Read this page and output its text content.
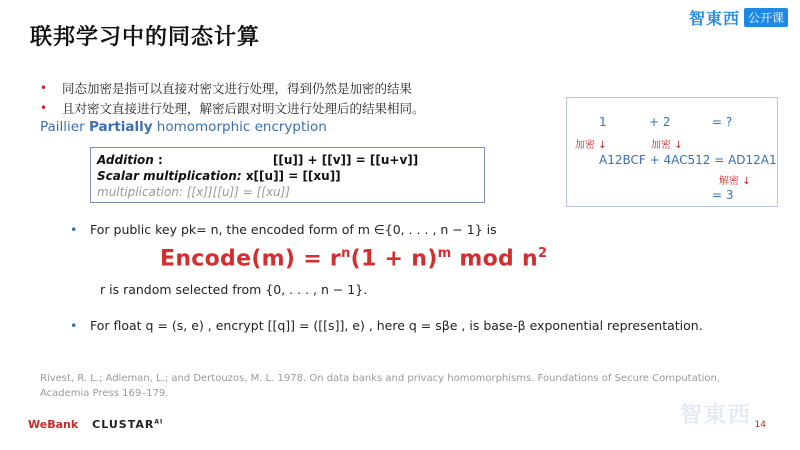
联邦学习中的同态计算
智東西 公开课
•	同态加密是指可以直接对密文进行处理，得到仍然是加密的结果
•	且对密文直接进行处理，解密后跟对明文进行处理后的结果相同。
Paillier Partially homomorphic encryption
Addition :	[[u]] + [[v]] = [[u+v]]
Scalar multiplication: x[[u]] = [[xu]]
multiplication: [[x]][[u]] = [[xu]]
1	+ 2	= ?
加密 ↓	加密 ↓
A12BCF + 4AC512 = AD12A1
解密 ↓
= 3
•	For public key pk= n, the encoded form of m ∈{0, . . . , n − 1} is
Encode(m) = $r^n(1 + n)^m$ mod $n^2$
r is random selected from {0, . . . , n − 1}.
•	For float q = (s, e) , encrypt [[q]] = ([[s]], e) , here q = sβe , is base-β exponential representation.
Rivest, R. L.; Adleman, L.; and Dertouzos, M. L. 1978. On data banks and privacy homomorphisms. Foundations of Secure Computation, Academia Press 169–179.
智東西
WeBank $CLUSTAR^{AI}$	14
